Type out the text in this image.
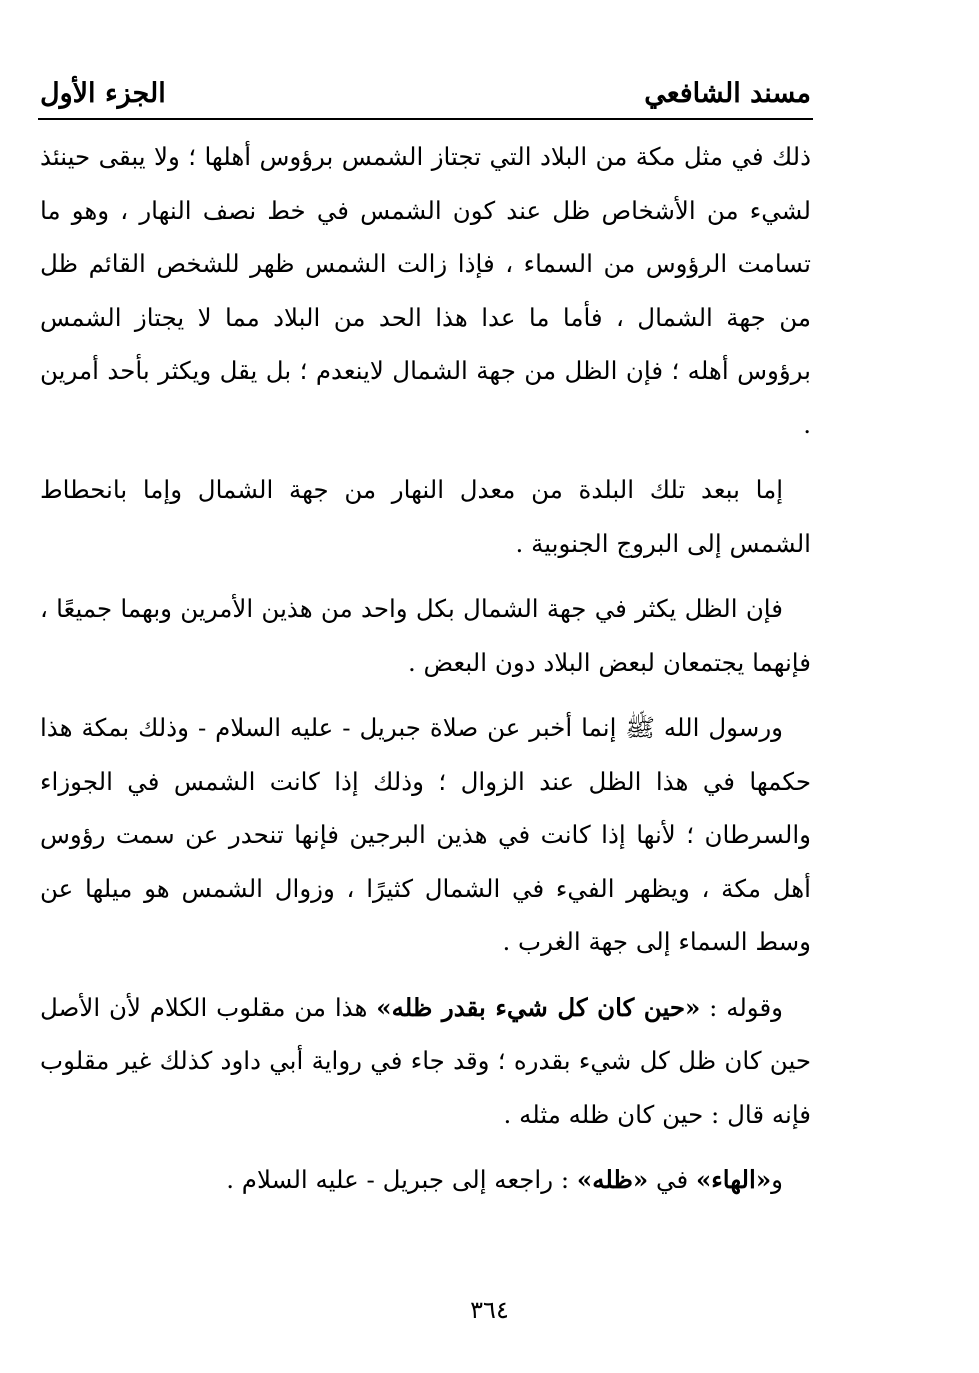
مسند الشافعي
الجزء الأول

ذلك في مثل مكة من البلاد التي تجتاز الشمس برؤوس أهلها ؛ ولا يبقى حينئذ لشيء من الأشخاص ظل عند كون الشمس في خط نصف النهار ، وهو ما تسامت الرؤوس من السماء ، فإذا زالت الشمس ظهر للشخص القائم ظل من جهة الشمال ، فأما ما عدا هذا الحد من البلاد مما لا يجتاز الشمس برؤوس أهله ؛ فإن الظل من جهة الشمال لاينعدم ؛ بل يقل ويكثر بأحد أمرين .

إما ببعد تلك البلدة من معدل النهار من جهة الشمال وإما بانحطاط الشمس إلى البروج الجنوبية .

فإن الظل يكثر في جهة الشمال بكل واحد من هذين الأمرين وبهما جميعًا ، فإنهما يجتمعان لبعض البلاد دون البعض .

ورسول الله ﷺ إنما أخبر عن صلاة جبريل - عليه السلام - وذلك بمكة هذا حكمها في هذا الظل عند الزوال ؛ وذلك إذا كانت الشمس في الجوزاء والسرطان ؛ لأنها إذا كانت في هذين البرجين فإنها تنحدر عن سمت رؤوس أهل مكة ، ويظهر الفيء في الشمال كثيرًا ، وزوال الشمس هو ميلها عن وسط السماء إلى جهة الغرب .

وقوله : «حين كان كل شيء بقدر ظله» هذا من مقلوب الكلام لأن الأصل حين كان ظل كل شيء بقدره ؛ وقد جاء في رواية أبي داود كذلك غير مقلوب فإنه قال : حين كان ظله مثله .

و«الهاء» في «ظله» : راجعه إلى جبريل - عليه السلام .

٣٦٤
